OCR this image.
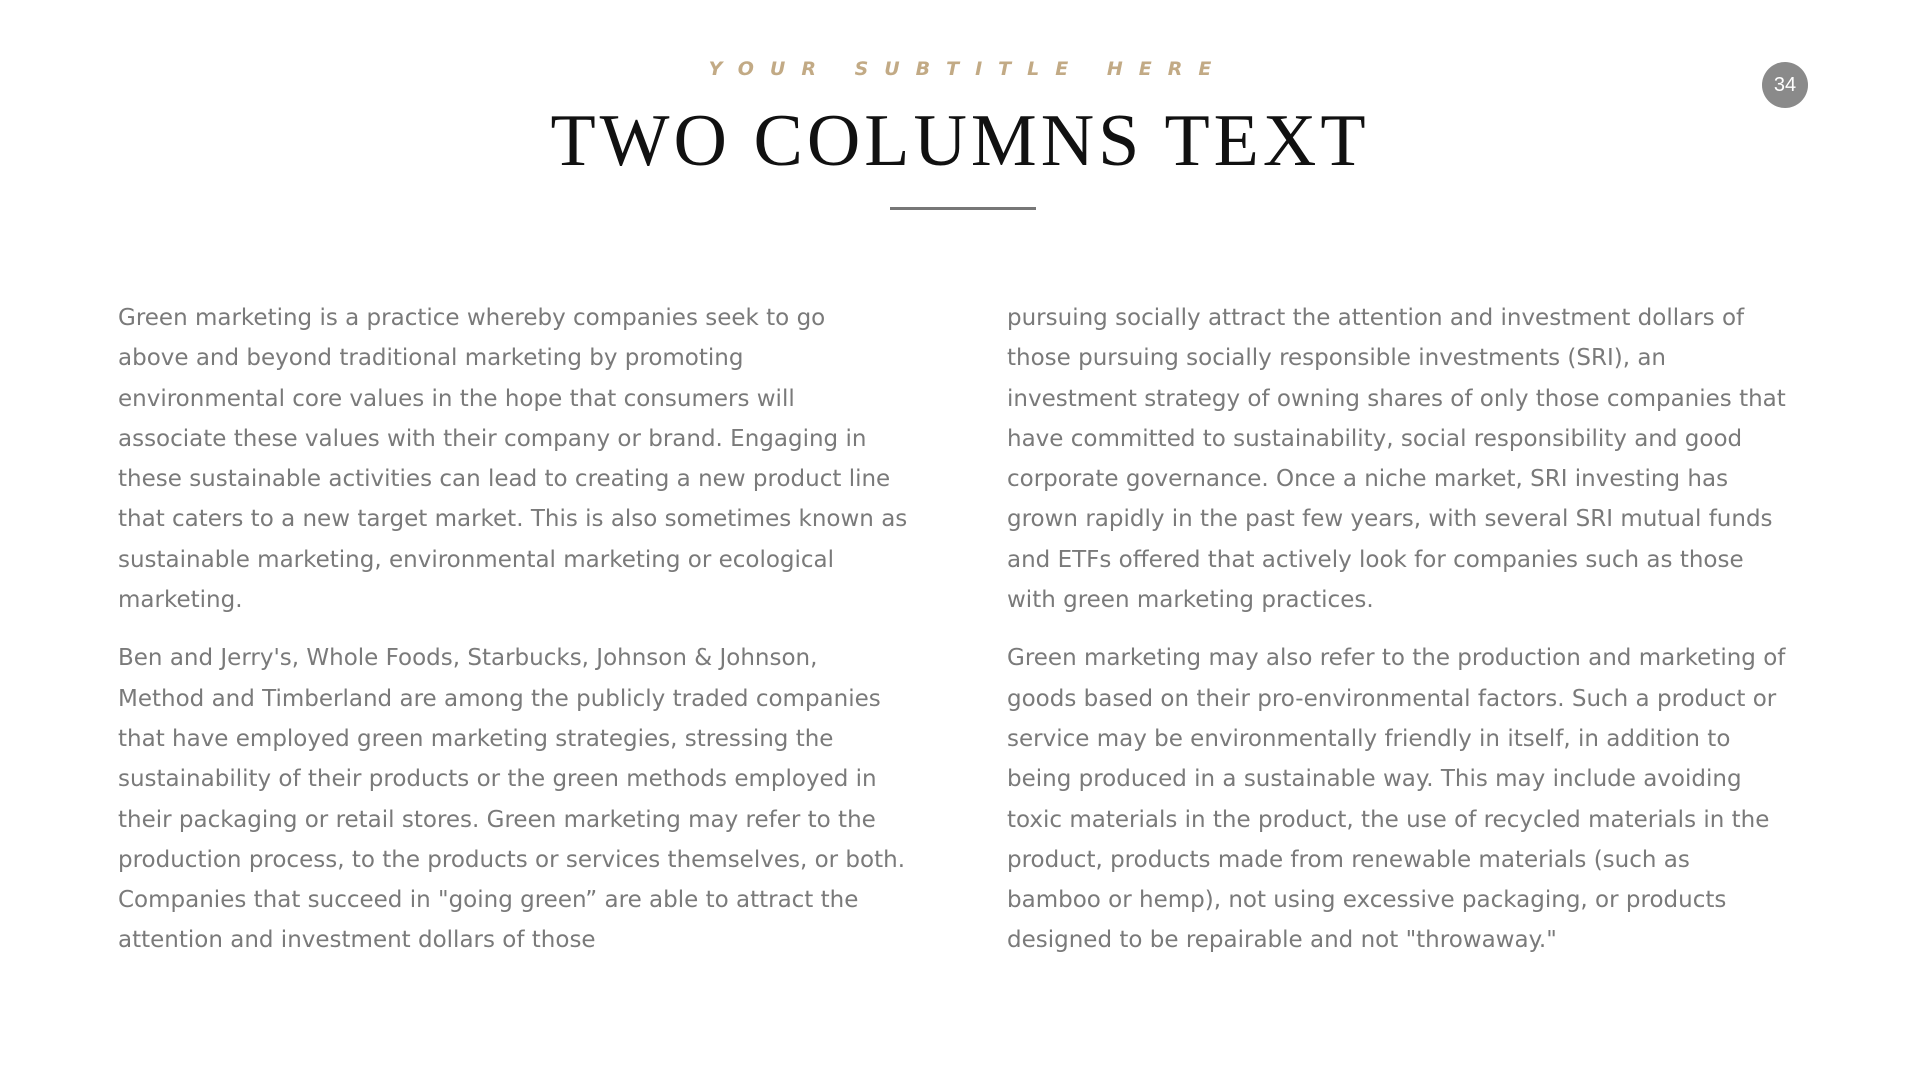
YOUR SUBTITLE HERE
TWO COLUMNS TEXT
34

Green marketing is a practice whereby companies seek to go
above and beyond traditional marketing by promoting
environmental core values in the hope that consumers will
associate these values with their company or brand. Engaging in
these sustainable activities can lead to creating a new product line
that caters to a new target market. This is also sometimes known as
sustainable marketing, environmental marketing or ecological
marketing.

Ben and Jerry's, Whole Foods, Starbucks, Johnson & Johnson,
Method and Timberland are among the publicly traded companies
that have employed green marketing strategies, stressing the
sustainability of their products or the green methods employed in
their packaging or retail stores. Green marketing may refer to the
production process, to the products or services themselves, or both.
Companies that succeed in "going green” are able to attract the
attention and investment dollars of those

pursuing socially attract the attention and investment dollars of
those pursuing socially responsible investments (SRI), an
investment strategy of owning shares of only those companies that
have committed to sustainability, social responsibility and good
corporate governance. Once a niche market, SRI investing has
grown rapidly in the past few years, with several SRI mutual funds
and ETFs offered that actively look for companies such as those
with green marketing practices.

Green marketing may also refer to the production and marketing of
goods based on their pro-environmental factors. Such a product or
service may be environmentally friendly in itself, in addition to
being produced in a sustainable way. This may include avoiding
toxic materials in the product, the use of recycled materials in the
product, products made from renewable materials (such as
bamboo or hemp), not using excessive packaging, or products
designed to be repairable and not "throwaway."
